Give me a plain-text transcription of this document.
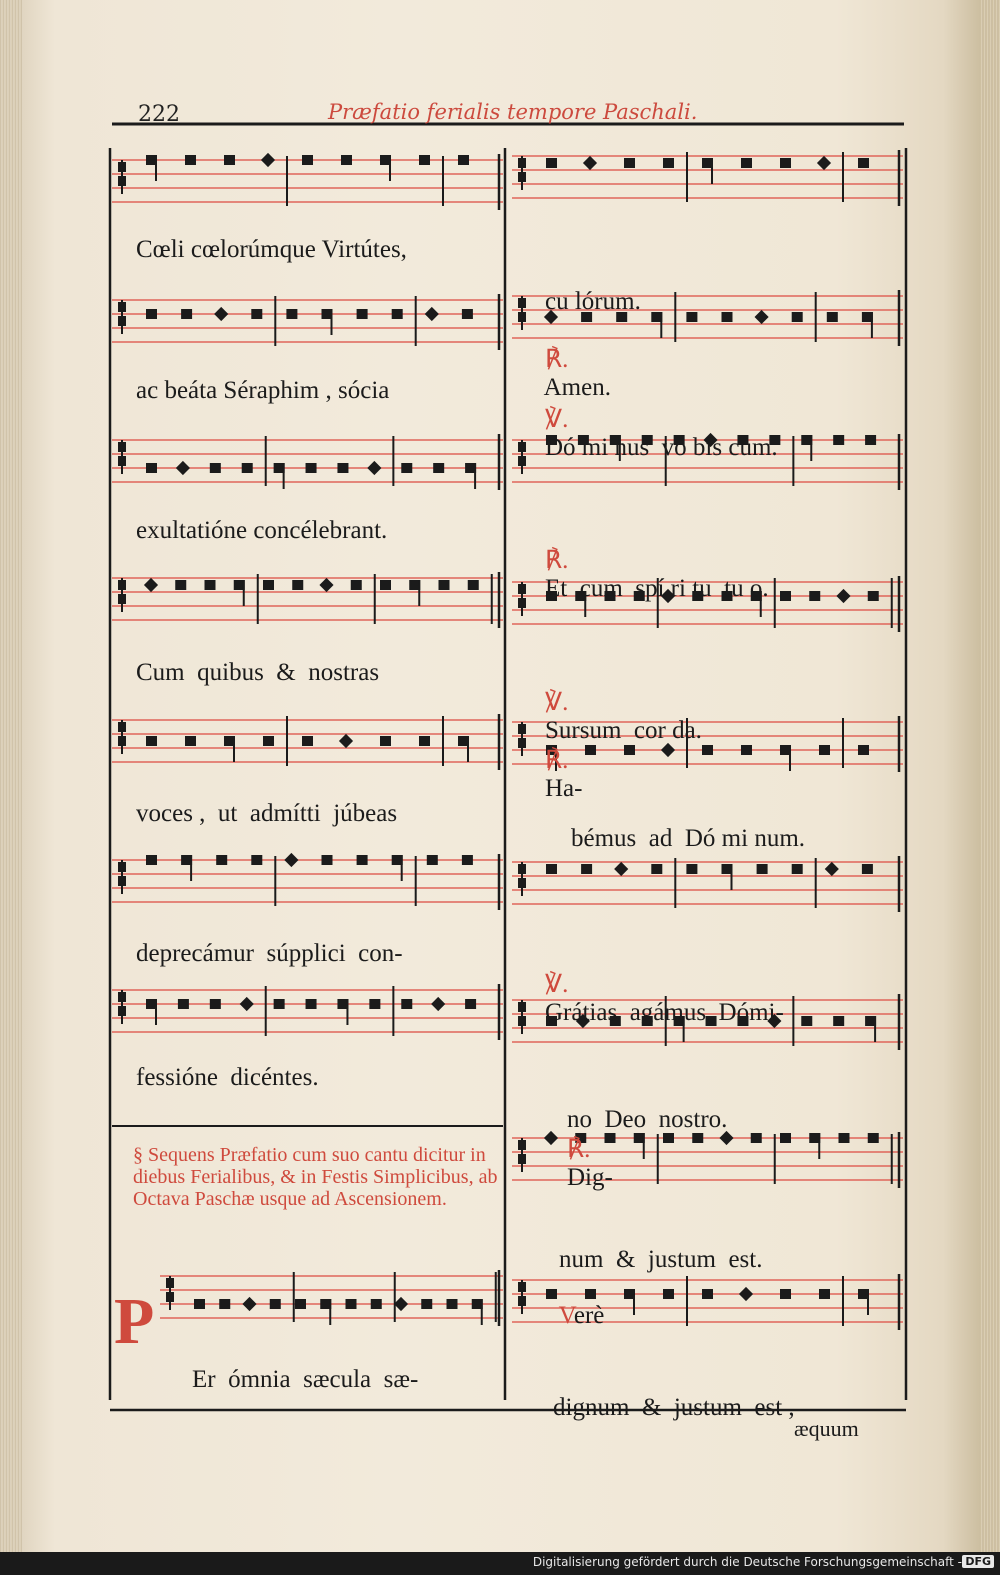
222	Præfatio ferialis tempore Paschali.
Cœli cœlorúmque Virtútes,
ac beáta Séraphim , sócia
exultatióne concélebrant.
Cum  quibus  &  nostras
voces ,  ut  admítti  júbeas
deprecámur  súpplici  con-
fessióne  dicéntes.
§ Sequens Præfatio cum suo cantu dicitur in diebus Ferialibus, & in Festis Simplicibus, ab Octava Paschæ usque ad Ascensionem.
P
Er  ómnia  sæcula  sæ-

cu lórum.

℟.
Amen.

℣.
Dó mi nus  vo bís cum.

℟.
Et  cum  spí ri tu  tu o.

℣.
Sursum  cor da.
℟.
Ha-

bémus  ad  Dó mi num.

℣.
Grátias  agámus  Dómi-

no  Deo  nostro.
℟.
Dig-

num  &  justum  est.

Verè

dignum  &  justum  est ,

æquum
Digitalisierung gefördert durch die Deutsche Forschungsgemeinschaft - DFG
